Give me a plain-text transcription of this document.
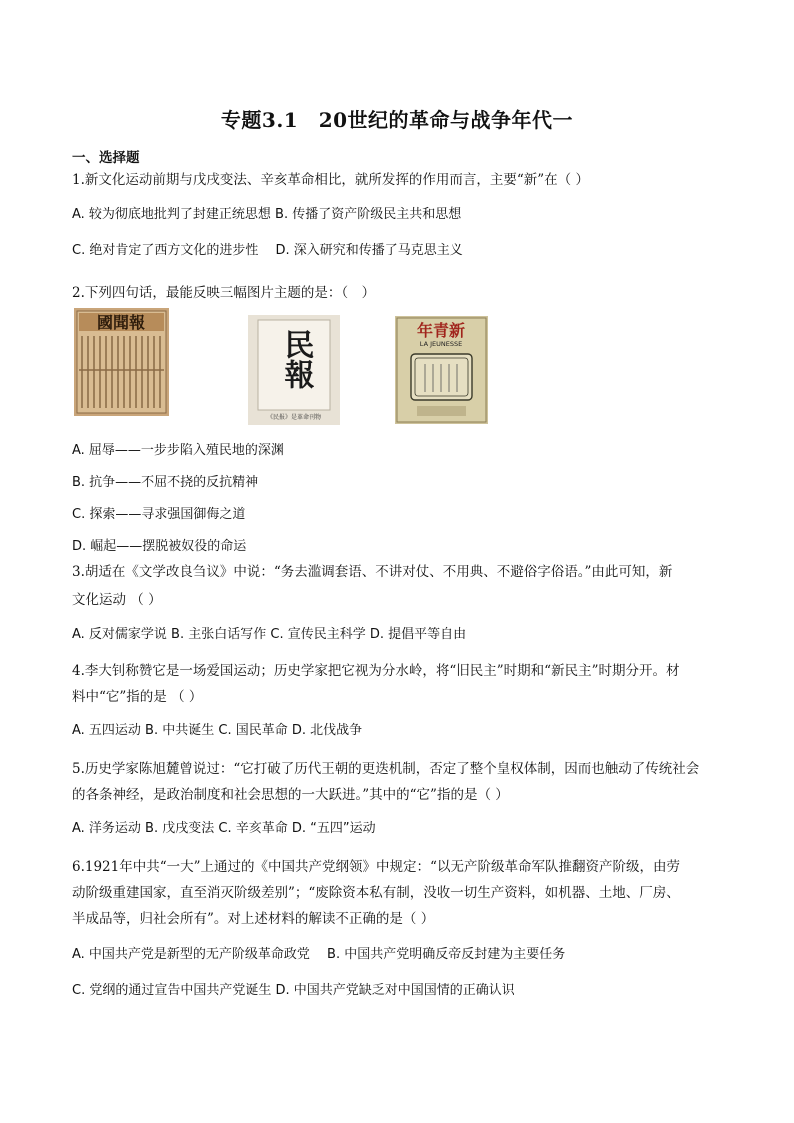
专题3.1　20世纪的革命与战争年代一
一、选择题
1.新文化运动前期与戊戌变法、辛亥革命相比，就所发挥的作用而言，主要“新”在（ ）
A. 较为彻底地批判了封建正统思想 B. 传播了资产阶级民主共和思想
C. 绝对肯定了西方文化的进步性　 D. 深入研究和传播了马克思主义
2.下列四句话，最能反映三幅图片主题的是：（　）
國聞報
民報
《民报》是革命刊物
年青新
LA JEUNESSE
A. 屈辱——一步步陷入殖民地的深渊
B. 抗争——不屈不挠的反抗精神
C. 探索——寻求强国御侮之道
D. 崛起——摆脱被奴役的命运
3.胡适在《文学改良刍议》中说：“务去滥调套语、不讲对仗、不用典、不避俗字俗语。”由此可知，新
文化运动 （ ）
A. 反对儒家学说 B. 主张白话写作 C. 宣传民主科学 D. 提倡平等自由
4.李大钊称赞它是一场爱国运动；历史学家把它视为分水岭，将“旧民主”时期和“新民主”时期分开。材
料中“它”指的是 （ ）
A. 五四运动 B. 中共诞生 C. 国民革命 D. 北伐战争
5.历史学家陈旭麓曾说过：“它打破了历代王朝的更迭机制，否定了整个皇权体制，因而也触动了传统社会
的各条神经，是政治制度和社会思想的一大跃进。”其中的“它”指的是（ ）
A. 洋务运动 B. 戊戌变法 C. 辛亥革命 D. “五四”运动
6.1921年中共“一大”上通过的《中国共产党纲领》中规定：“以无产阶级革命军队推翻资产阶级，由劳
动阶级重建国家，直至消灭阶级差别”；“废除资本私有制，没收一切生产资料，如机器、土地、厂房、
半成品等，归社会所有”。对上述材料的解读不正确的是（ ）
A. 中国共产党是新型的无产阶级革命政党　 B. 中国共产党明确反帝反封建为主要任务
C. 党纲的通过宣告中国共产党诞生 D. 中国共产党缺乏对中国国情的正确认识
